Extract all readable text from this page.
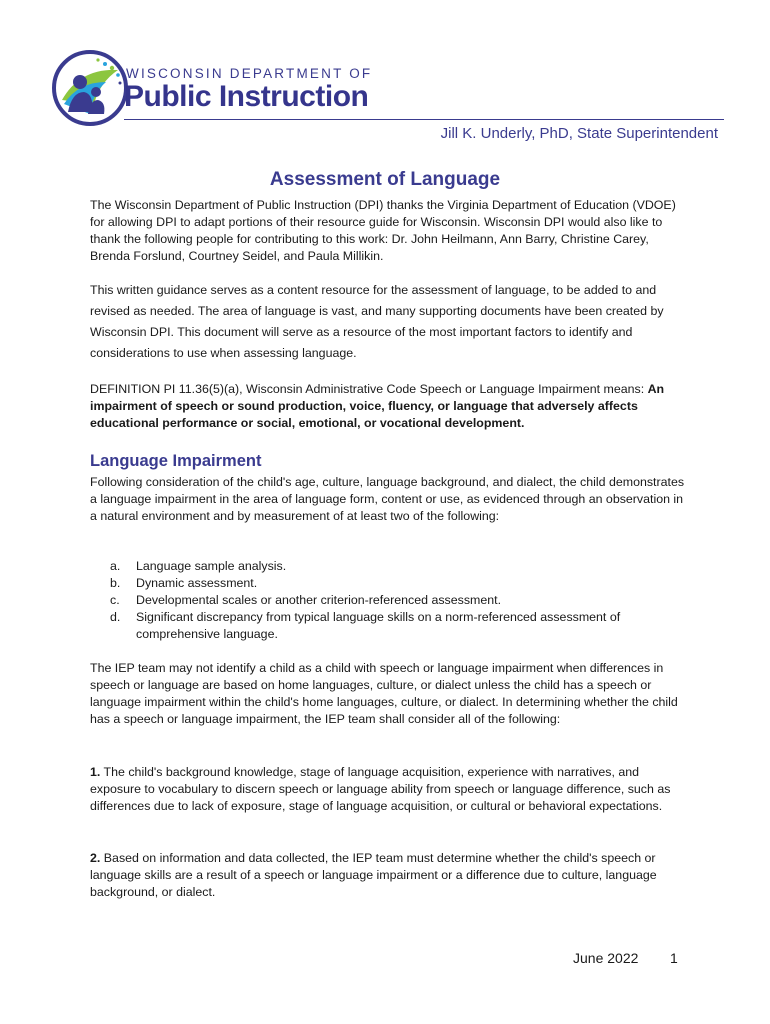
WISCONSIN DEPARTMENT OF
Public Instruction
Jill K. Underly, PhD, State Superintendent
Assessment of Language

The Wisconsin Department of Public Instruction (DPI) thanks the Virginia Department of Education (VDOE) for allowing DPI to adapt portions of their resource guide for Wisconsin. Wisconsin DPI would also like to thank the following people for contributing to this work: Dr. John Heilmann, Ann Barry, Christine Carey, Brenda Forslund, Courtney Seidel, and Paula Millikin.

This written guidance serves as a content resource for the assessment of language, to be added to and revised as needed. The area of language is vast, and many supporting documents have been created by Wisconsin DPI. This document will serve as a resource of the most important factors to identify and considerations to use when assessing language.

DEFINITION PI 11.36(5)(a), Wisconsin Administrative Code Speech or Language Impairment means: An impairment of speech or sound production, voice, fluency, or language that adversely affects educational performance or social, emotional, or vocational development.

Language Impairment

Following consideration of the child's age, culture, language background, and dialect, the child demonstrates a language impairment in the area of language form, content or use, as evidenced through an observation in a natural environment and by measurement of at least two of the following:

a. Language sample analysis.
b. Dynamic assessment.
c. Developmental scales or another criterion-referenced assessment.
d. Significant discrepancy from typical language skills on a norm-referenced assessment of comprehensive language.

The IEP team may not identify a child as a child with speech or language impairment when differences in speech or language are based on home languages, culture, or dialect unless the child has a speech or language impairment within the child's home languages, culture, or dialect. In determining whether the child has a speech or language impairment, the IEP team shall consider all of the following:

1. The child's background knowledge, stage of language acquisition, experience with narratives, and exposure to vocabulary to discern speech or language ability from speech or language difference, such as differences due to lack of exposure, stage of language acquisition, or cultural or behavioral expectations.

2. Based on information and data collected, the IEP team must determine whether the child's speech or language skills are a result of a speech or language impairment or a difference due to culture, language background, or dialect.

June 2022 1
